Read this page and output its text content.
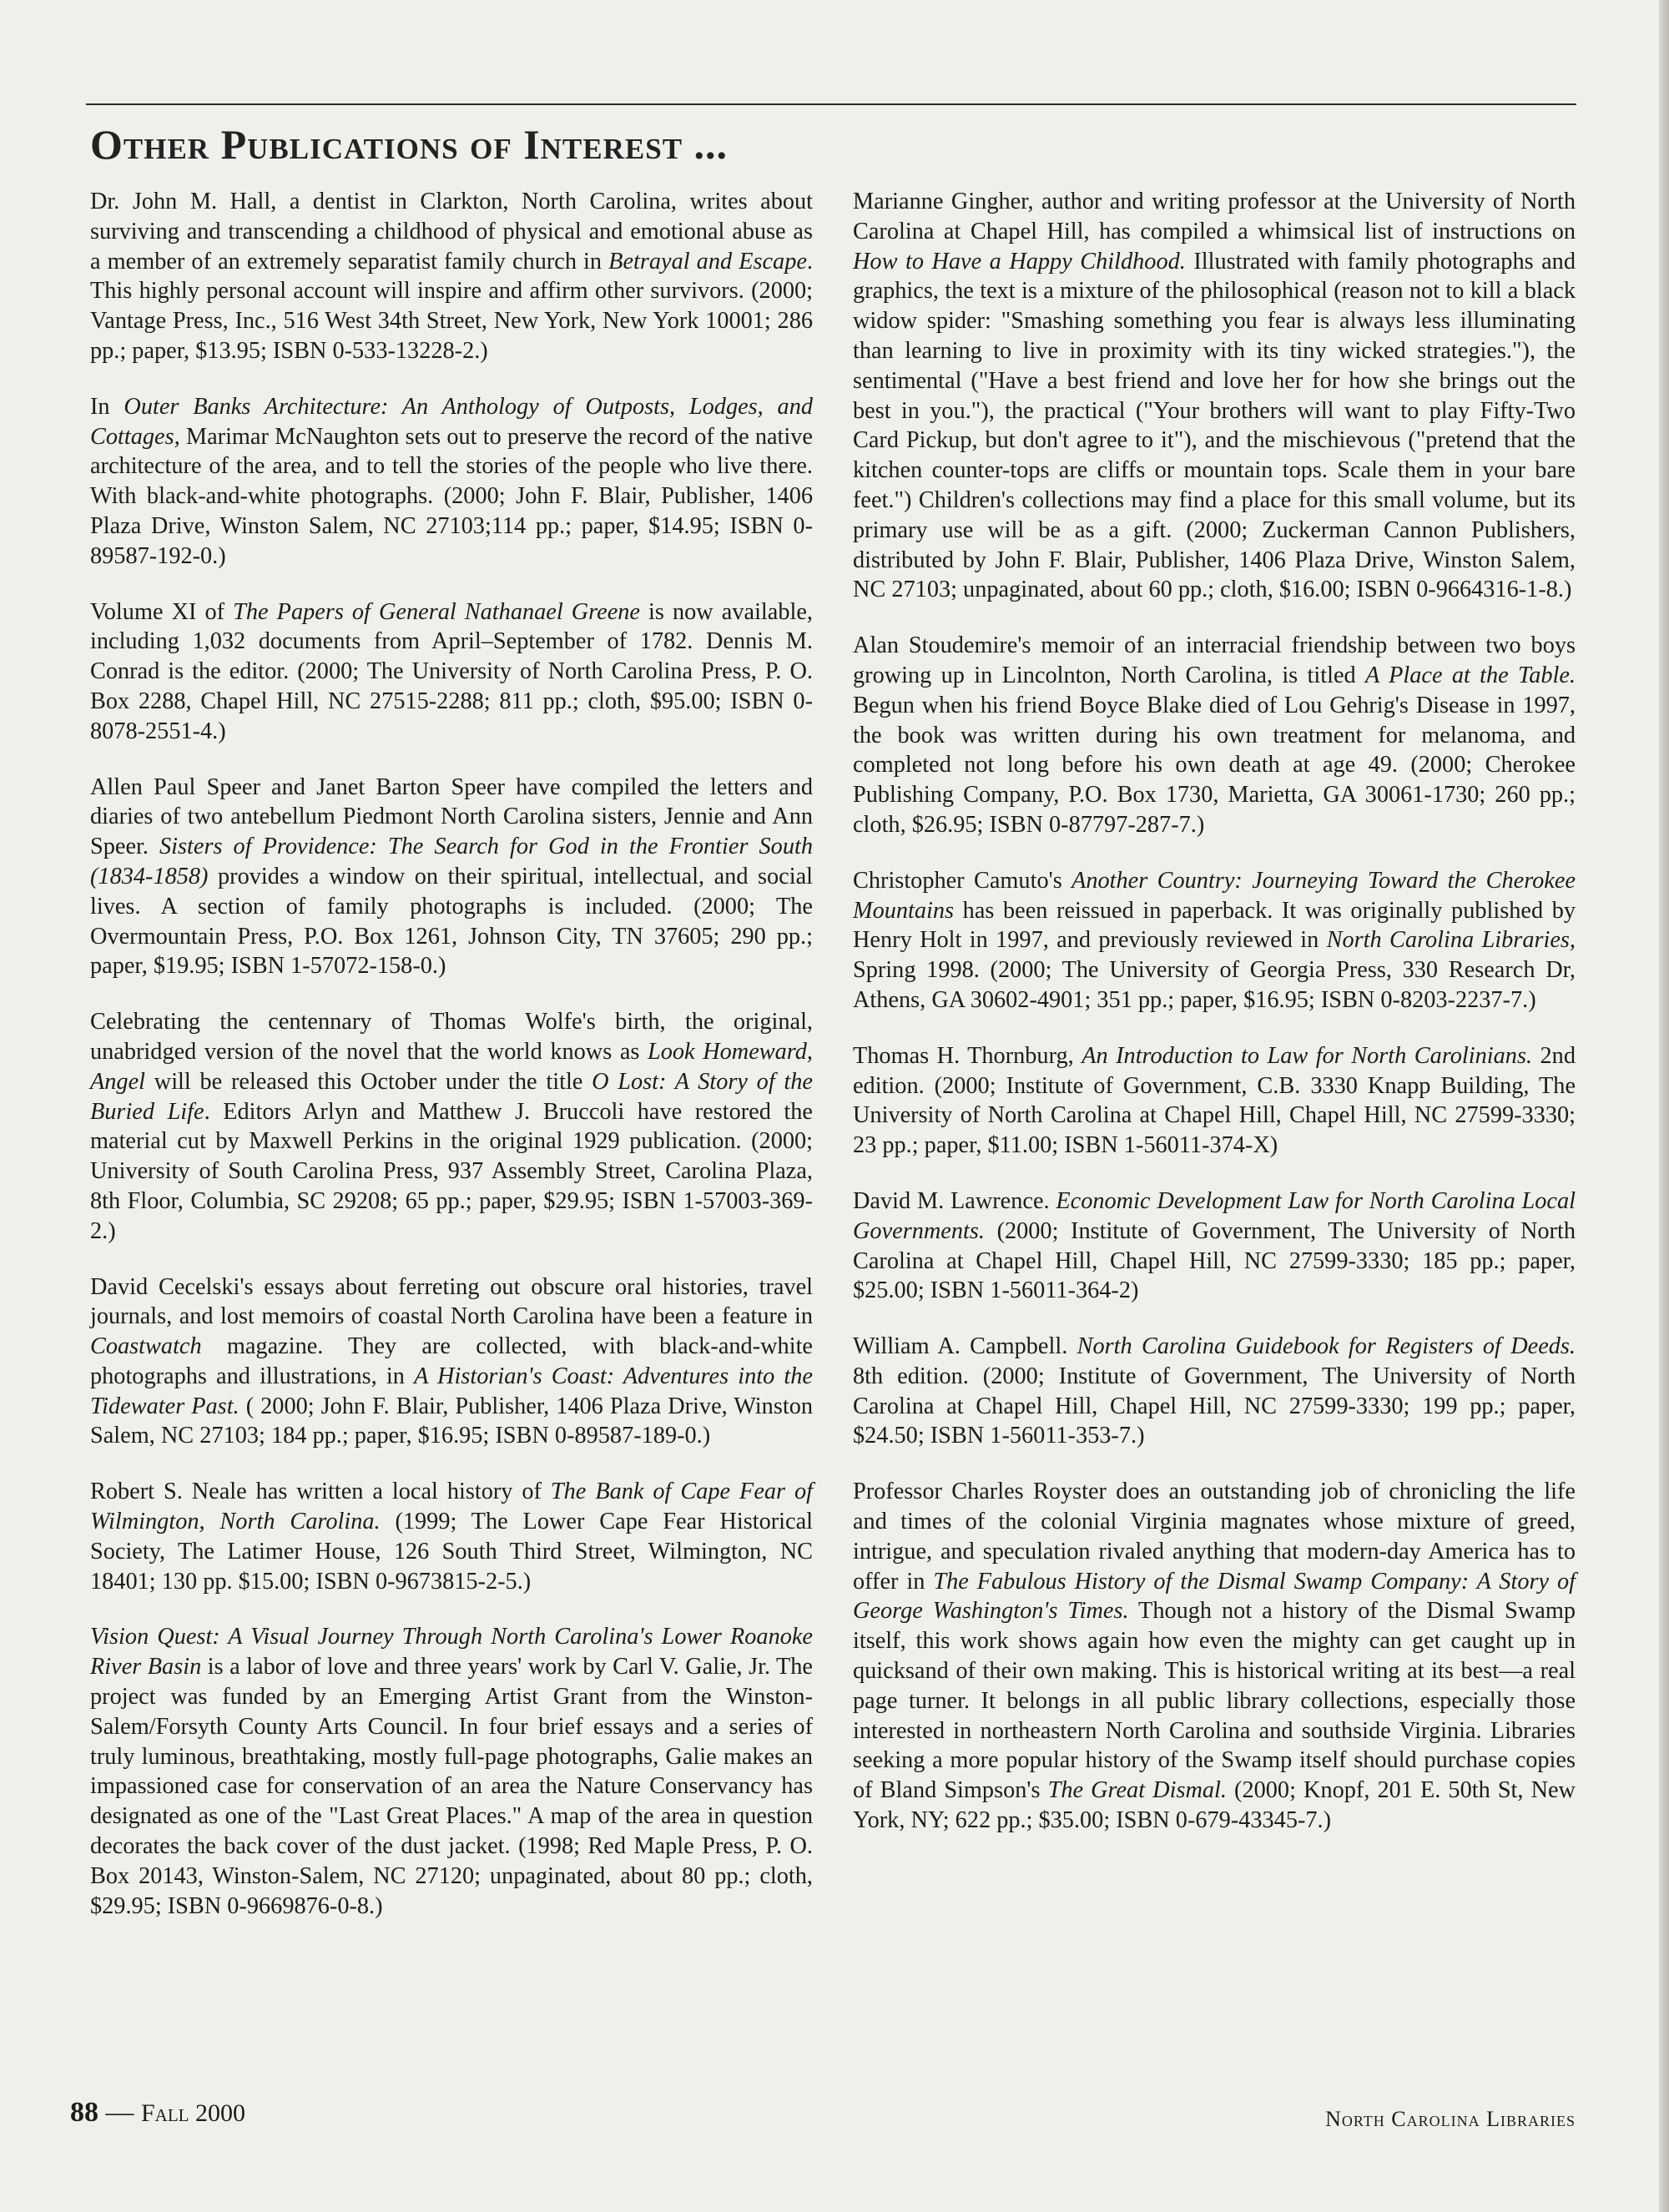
Other Publications of Interest ...

Dr. John M. Hall, a dentist in Clarkton, North Carolina, writes about surviving and transcending a childhood of physical and emotional abuse as a member of an extremely separatist family church in Betrayal and Escape. This highly personal account will inspire and affirm other survivors. (2000; Vantage Press, Inc., 516 West 34th Street, New York, New York 10001; 286 pp.; paper, $13.95; ISBN 0-533-13228-2.)

In Outer Banks Architecture: An Anthology of Outposts, Lodges, and Cottages, Marimar McNaughton sets out to preserve the record of the native architecture of the area, and to tell the stories of the people who live there. With black-and-white photographs. (2000; John F. Blair, Publisher, 1406 Plaza Drive, Winston Salem, NC 27103;114 pp.; paper, $14.95; ISBN 0-89587-192-0.)

Volume XI of The Papers of General Nathanael Greene is now available, including 1,032 documents from April–September of 1782. Dennis M. Conrad is the editor. (2000; The University of North Carolina Press, P. O. Box 2288, Chapel Hill, NC 27515-2288; 811 pp.; cloth, $95.00; ISBN 0-8078-2551-4.)

Allen Paul Speer and Janet Barton Speer have compiled the letters and diaries of two antebellum Piedmont North Carolina sisters, Jennie and Ann Speer. Sisters of Providence: The Search for God in the Frontier South (1834-1858) provides a window on their spiritual, intellectual, and social lives. A section of family photographs is included. (2000; The Overmountain Press, P.O. Box 1261, Johnson City, TN 37605; 290 pp.; paper, $19.95; ISBN 1-57072-158-0.)

Celebrating the centennary of Thomas Wolfe's birth, the original, unabridged version of the novel that the world knows as Look Homeward, Angel will be released this October under the title O Lost: A Story of the Buried Life. Editors Arlyn and Matthew J. Bruccoli have restored the material cut by Maxwell Perkins in the original 1929 publication. (2000; University of South Carolina Press, 937 Assembly Street, Carolina Plaza, 8th Floor, Columbia, SC 29208; 65 pp.; paper, $29.95; ISBN 1-57003-369-2.)

David Cecelski's essays about ferreting out obscure oral histories, travel journals, and lost memoirs of coastal North Carolina have been a feature in Coastwatch magazine. They are collected, with black-and-white photographs and illustrations, in A Historian's Coast: Adventures into the Tidewater Past. ( 2000; John F. Blair, Publisher, 1406 Plaza Drive, Winston Salem, NC 27103; 184 pp.; paper, $16.95; ISBN 0-89587-189-0.)

Robert S. Neale has written a local history of The Bank of Cape Fear of Wilmington, North Carolina. (1999; The Lower Cape Fear Historical Society, The Latimer House, 126 South Third Street, Wilmington, NC 18401; 130 pp. $15.00; ISBN 0-9673815-2-5.)

Vision Quest: A Visual Journey Through North Carolina's Lower Roanoke River Basin is a labor of love and three years' work by Carl V. Galie, Jr. The project was funded by an Emerging Artist Grant from the Winston-Salem/Forsyth County Arts Council. In four brief essays and a series of truly luminous, breathtaking, mostly full-page photographs, Galie makes an impassioned case for conservation of an area the Nature Conservancy has designated as one of the "Last Great Places." A map of the area in question decorates the back cover of the dust jacket. (1998; Red Maple Press, P. O. Box 20143, Winston-Salem, NC 27120; unpaginated, about 80 pp.; cloth, $29.95; ISBN 0-9669876-0-8.)

Marianne Gingher, author and writing professor at the University of North Carolina at Chapel Hill, has compiled a whimsical list of instructions on How to Have a Happy Childhood. Illustrated with family photographs and graphics, the text is a mixture of the philosophical (reason not to kill a black widow spider: "Smashing something you fear is always less illuminating than learning to live in proximity with its tiny wicked strategies."), the sentimental ("Have a best friend and love her for how she brings out the best in you."), the practical ("Your brothers will want to play Fifty-Two Card Pickup, but don't agree to it"), and the mischievous ("pretend that the kitchen counter-tops are cliffs or mountain tops. Scale them in your bare feet.") Children's collections may find a place for this small volume, but its primary use will be as a gift. (2000; Zuckerman Cannon Publishers, distributed by John F. Blair, Publisher, 1406 Plaza Drive, Winston Salem, NC 27103; unpaginated, about 60 pp.; cloth, $16.00; ISBN 0-9664316-1-8.)

Alan Stoudemire's memoir of an interracial friendship between two boys growing up in Lincolnton, North Carolina, is titled A Place at the Table. Begun when his friend Boyce Blake died of Lou Gehrig's Disease in 1997, the book was written during his own treatment for melanoma, and completed not long before his own death at age 49. (2000; Cherokee Publishing Company, P.O. Box 1730, Marietta, GA 30061-1730; 260 pp.; cloth, $26.95; ISBN 0-87797-287-7.)

Christopher Camuto's Another Country: Journeying Toward the Cherokee Mountains has been reissued in paperback. It was originally published by Henry Holt in 1997, and previously reviewed in North Carolina Libraries, Spring 1998. (2000; The University of Georgia Press, 330 Research Dr, Athens, GA 30602-4901; 351 pp.; paper, $16.95; ISBN 0-8203-2237-7.)

Thomas H. Thornburg, An Introduction to Law for North Carolinians. 2nd edition. (2000; Institute of Government, C.B. 3330 Knapp Building, The University of North Carolina at Chapel Hill, Chapel Hill, NC 27599-3330; 23 pp.; paper, $11.00; ISBN 1-56011-374-X)

David M. Lawrence. Economic Development Law for North Carolina Local Governments. (2000; Institute of Government, The University of North Carolina at Chapel Hill, Chapel Hill, NC 27599-3330; 185 pp.; paper, $25.00; ISBN 1-56011-364-2)

William A. Campbell. North Carolina Guidebook for Registers of Deeds. 8th edition. (2000; Institute of Government, The University of North Carolina at Chapel Hill, Chapel Hill, NC 27599-3330; 199 pp.; paper, $24.50; ISBN 1-56011-353-7.)

Professor Charles Royster does an outstanding job of chronicling the life and times of the colonial Virginia magnates whose mixture of greed, intrigue, and speculation rivaled anything that modern-day America has to offer in The Fabulous History of the Dismal Swamp Company: A Story of George Washington's Times. Though not a history of the Dismal Swamp itself, this work shows again how even the mighty can get caught up in quicksand of their own making. This is historical writing at its best—a real page turner. It belongs in all public library collections, especially those interested in northeastern North Carolina and southside Virginia. Libraries seeking a more popular history of the Swamp itself should purchase copies of Bland Simpson's The Great Dismal. (2000; Knopf, 201 E. 50th St, New York, NY; 622 pp.; $35.00; ISBN 0-679-43345-7.)

88 — Fall 2000	North Carolina Libraries
